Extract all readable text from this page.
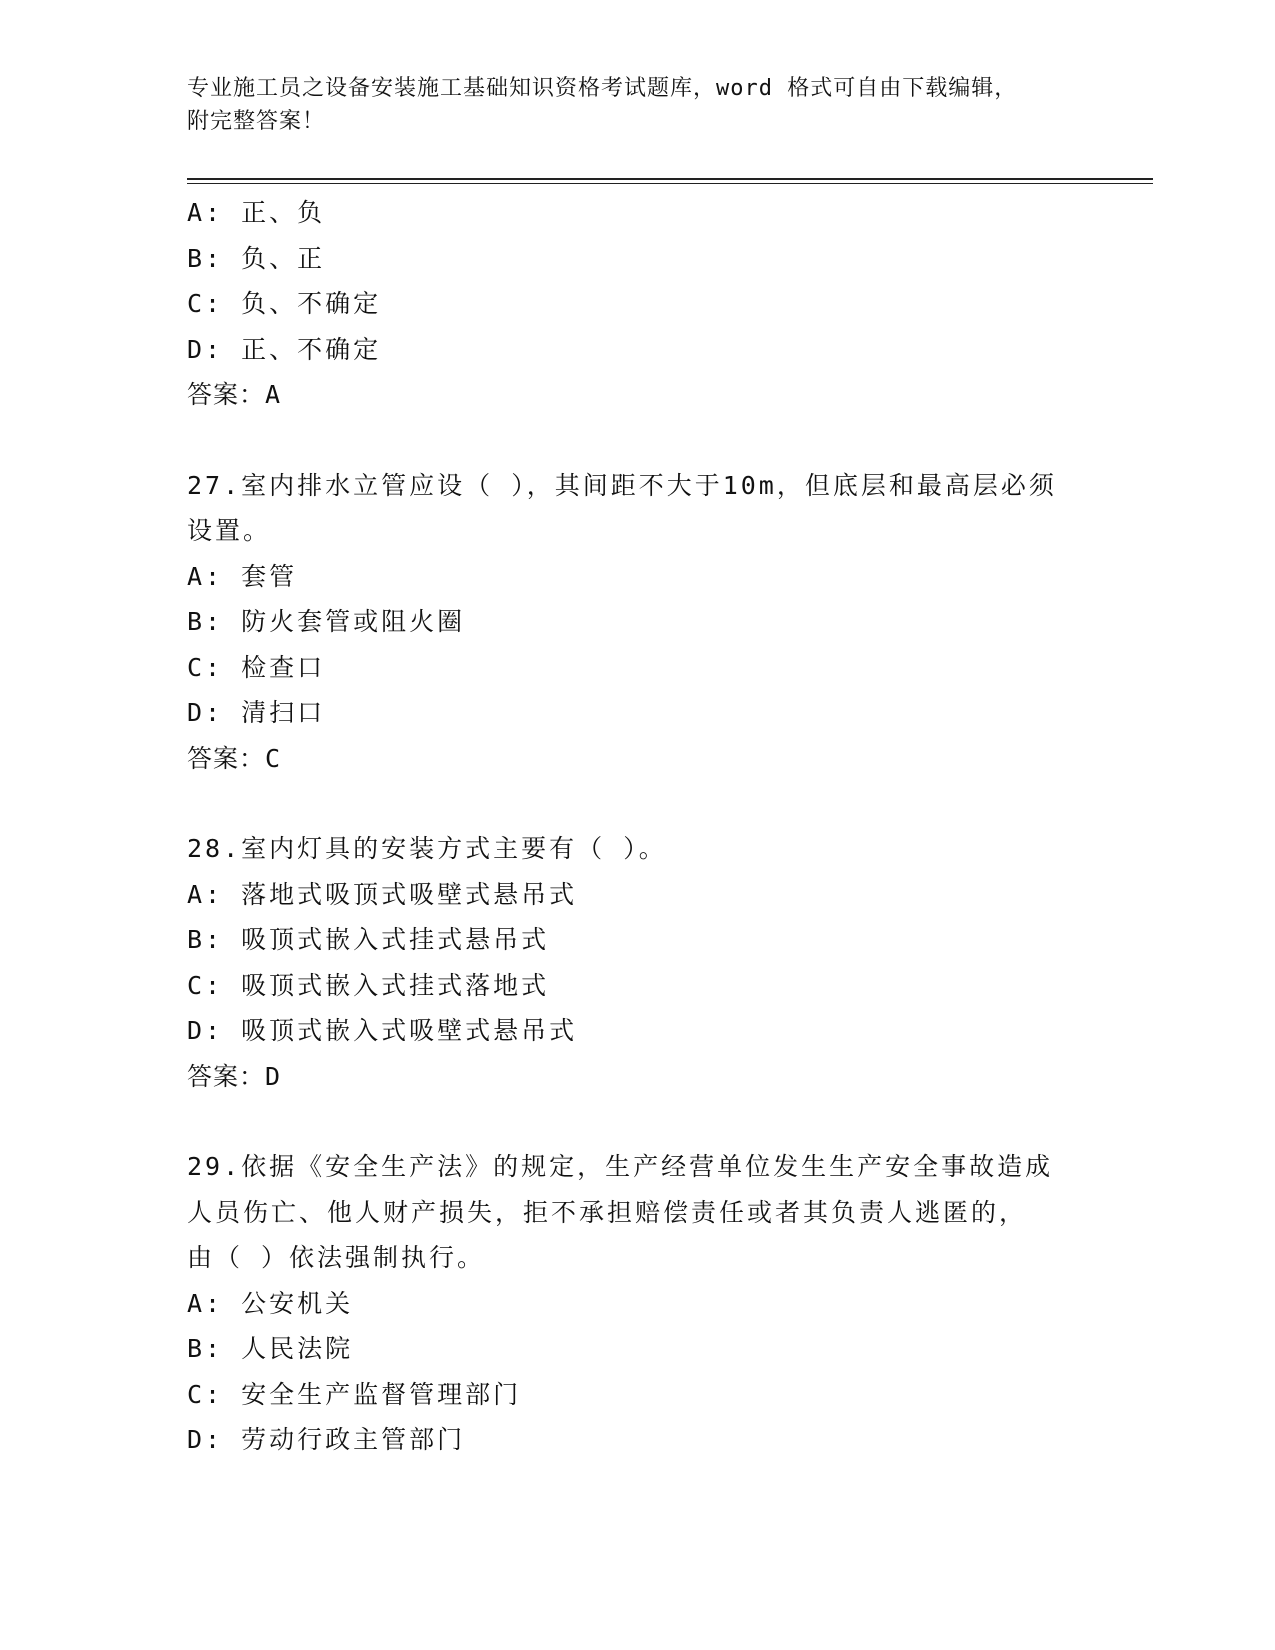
专业施工员之设备安装施工基础知识资格考试题库，word 格式可自由下载编辑，
附完整答案！
A: 正、负
B: 负、正
C: 负、不确定
D: 正、不确定
答案：A
27.室内排水立管应设（ ），其间距不大于10m，但底层和最高层必须
设置。
A: 套管
B: 防火套管或阻火圈
C: 检查口
D: 清扫口
答案：C
28.室内灯具的安装方式主要有（ ）。
A: 落地式吸顶式吸壁式悬吊式
B: 吸顶式嵌入式挂式悬吊式
C: 吸顶式嵌入式挂式落地式
D: 吸顶式嵌入式吸壁式悬吊式
答案：D
29.依据《安全生产法》的规定，生产经营单位发生生产安全事故造成
人员伤亡、他人财产损失，拒不承担赔偿责任或者其负责人逃匿的，
由（ ）依法强制执行。
A: 公安机关
B: 人民法院
C: 安全生产监督管理部门
D: 劳动行政主管部门
